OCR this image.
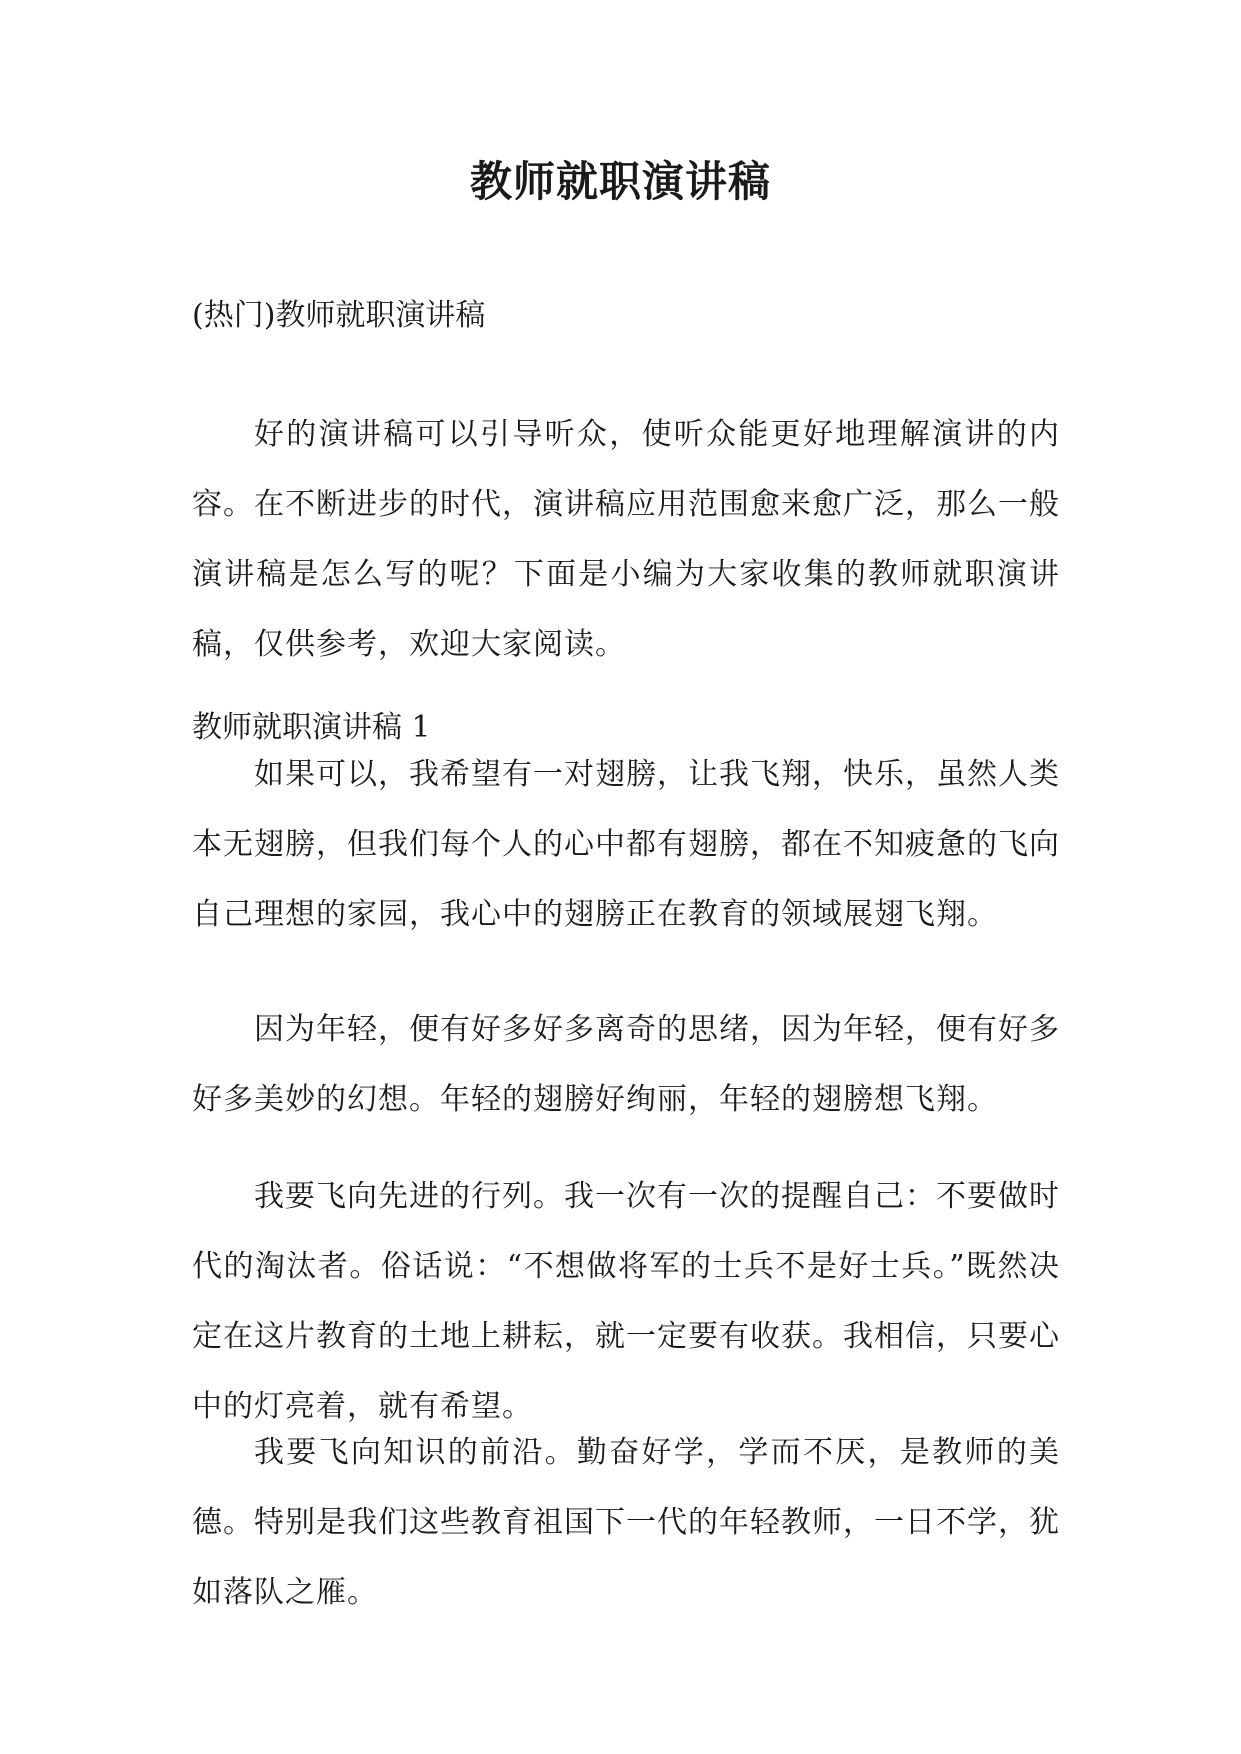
教师就职演讲稿

(热门)教师就职演讲稿

好的演讲稿可以引导听众，使听众能更好地理解演讲的内容。在不断进步的时代，演讲稿应用范围愈来愈广泛，那么一般演讲稿是怎么写的呢？下面是小编为大家收集的教师就职演讲稿，仅供参考，欢迎大家阅读。

教师就职演讲稿 1

如果可以，我希望有一对翅膀，让我飞翔，快乐，虽然人类本无翅膀，但我们每个人的心中都有翅膀，都在不知疲惫的飞向自己理想的家园，我心中的翅膀正在教育的领域展翅飞翔。

因为年轻，便有好多好多离奇的思绪，因为年轻，便有好多好多美妙的幻想。年轻的翅膀好绚丽，年轻的翅膀想飞翔。

我要飞向先进的行列。我一次有一次的提醒自己：不要做时代的淘汰者。俗话说：“不想做将军的士兵不是好士兵。”既然决定在这片教育的土地上耕耘，就一定要有收获。我相信，只要心中的灯亮着，就有希望。

我要飞向知识的前沿。勤奋好学，学而不厌，是教师的美德。特别是我们这些教育祖国下一代的年轻教师，一日不学，犹如落队之雁。
